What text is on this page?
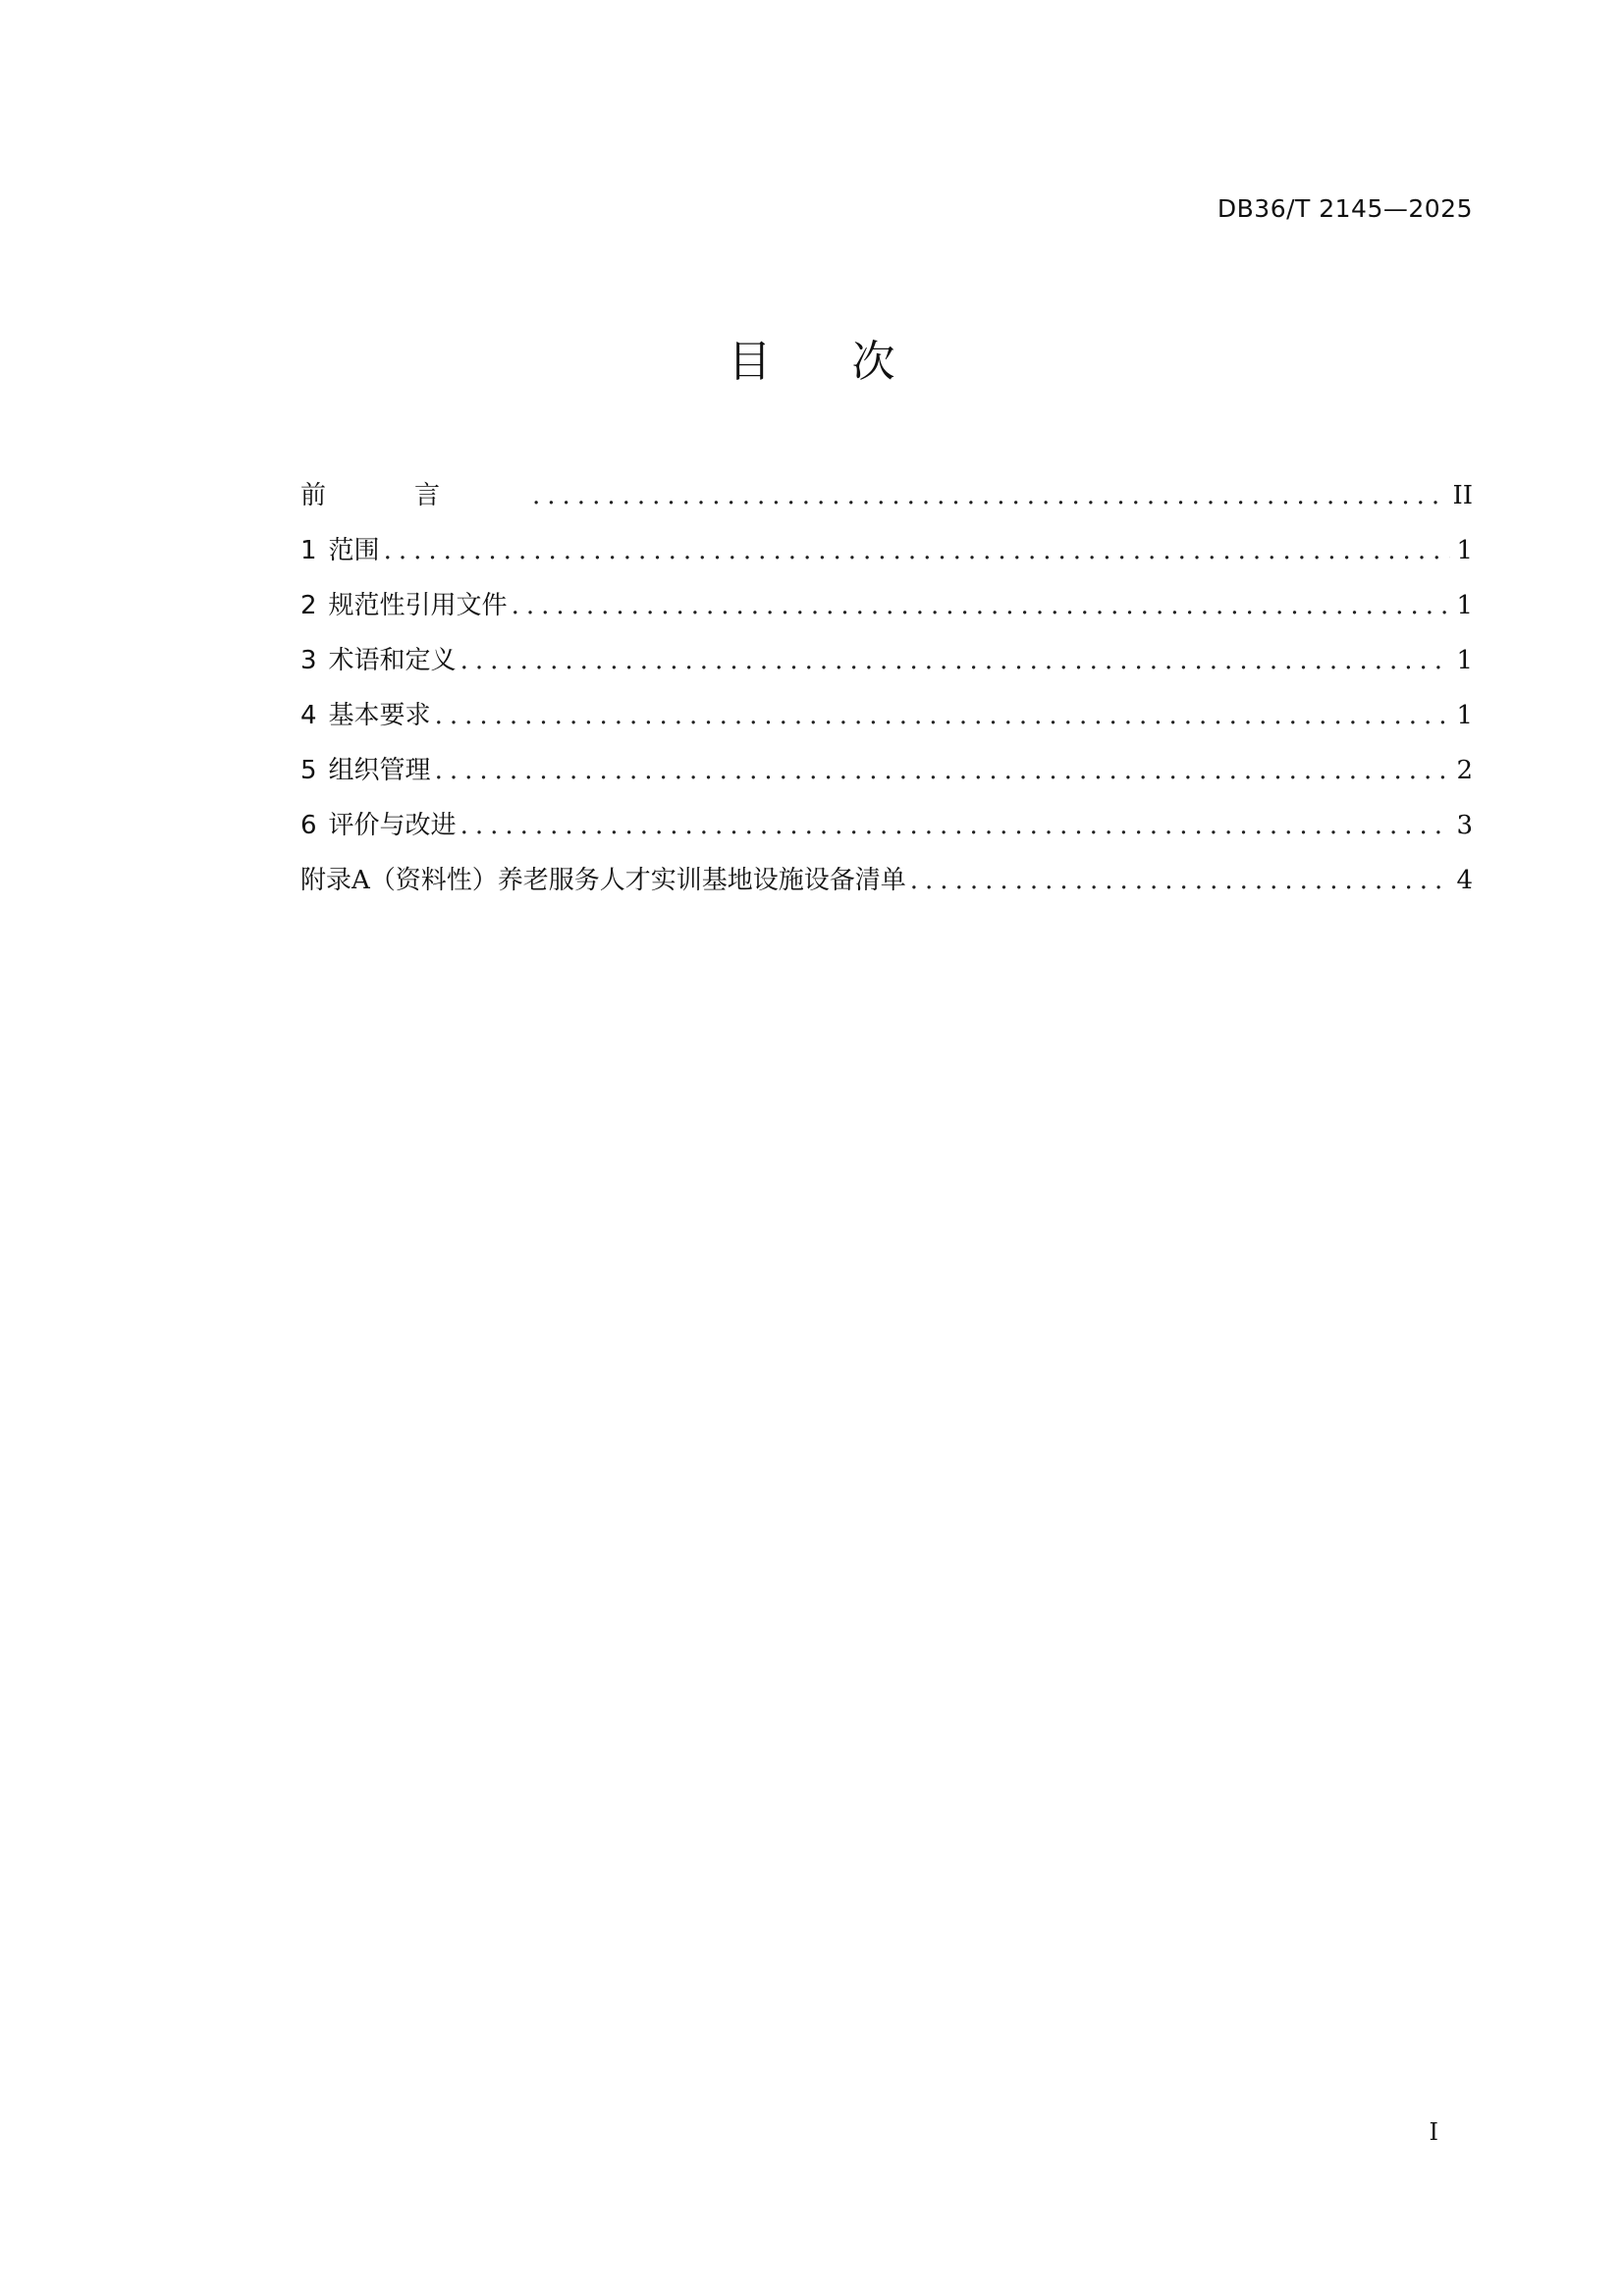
DB36/T 2145—2025
目次
前言 .....	II
1 范围 .....	1
2 规范性引用文件 .....	1
3 术语和定义 .....	1
4 基本要求 .....	1
5 组织管理 .....	2
6 评价与改进 .....	3
附录A（资料性）养老服务人才实训基地设施设备清单 .....	4
I
